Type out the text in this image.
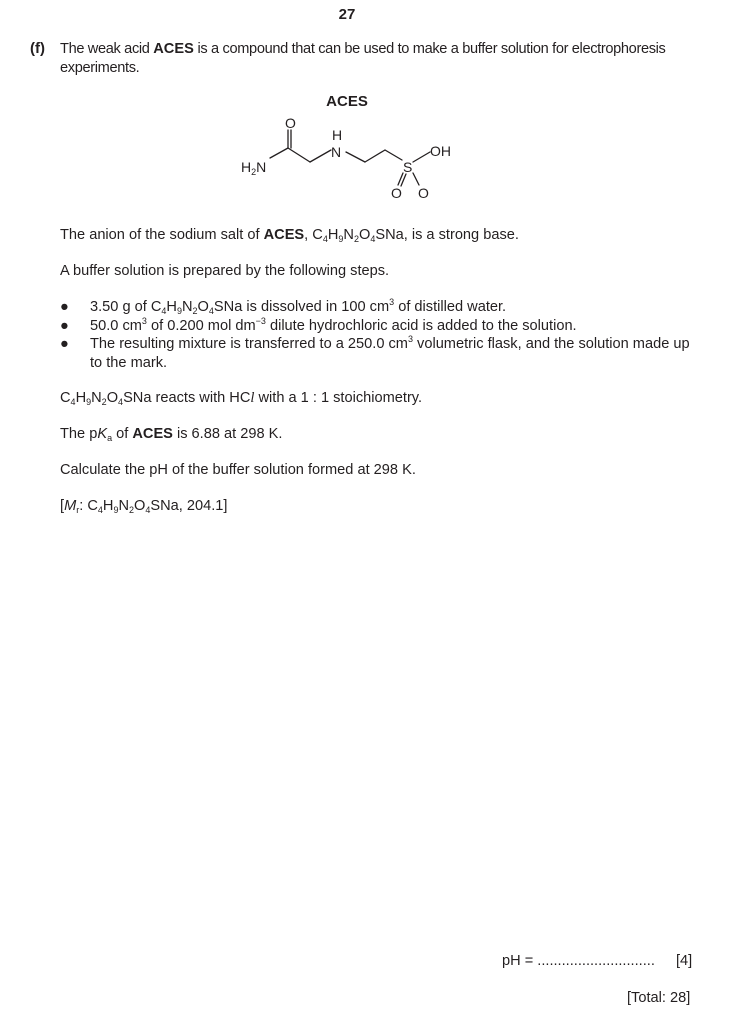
27
(f) The weak acid ACES is a compound that can be used to make a buffer solution for electrophoresis experiments.
ACES
O
H
N
$H_2N$	S
OH
O O
The anion of the sodium salt of ACES, $C_4H_9N_2O_4SNa$, is a strong base.
A buffer solution is prepared by the following steps.
● 3.50 g of $C_4H_9N_2O_4SNa$ is dissolved in 100 $cm^3$ of distilled water.
● 50.0 $cm^3$ of 0.200 mol $dm^{-3}$ dilute hydrochloric acid is added to the solution.
● The resulting mixture is transferred to a 250.0 $cm^3$ volumetric flask, and the solution made up to the mark.
$C_4H_9N_2O_4SNa$ reacts with HCl with a 1 : 1 stoichiometry.
The $pK_a$ of ACES is 6.88 at 298 K.
Calculate the pH of the buffer solution formed at 298 K.
[$M_r$: $C_4H_9N_2O_4SNa$, 204.1]
pH = ............................. [4]
[Total: 28]
